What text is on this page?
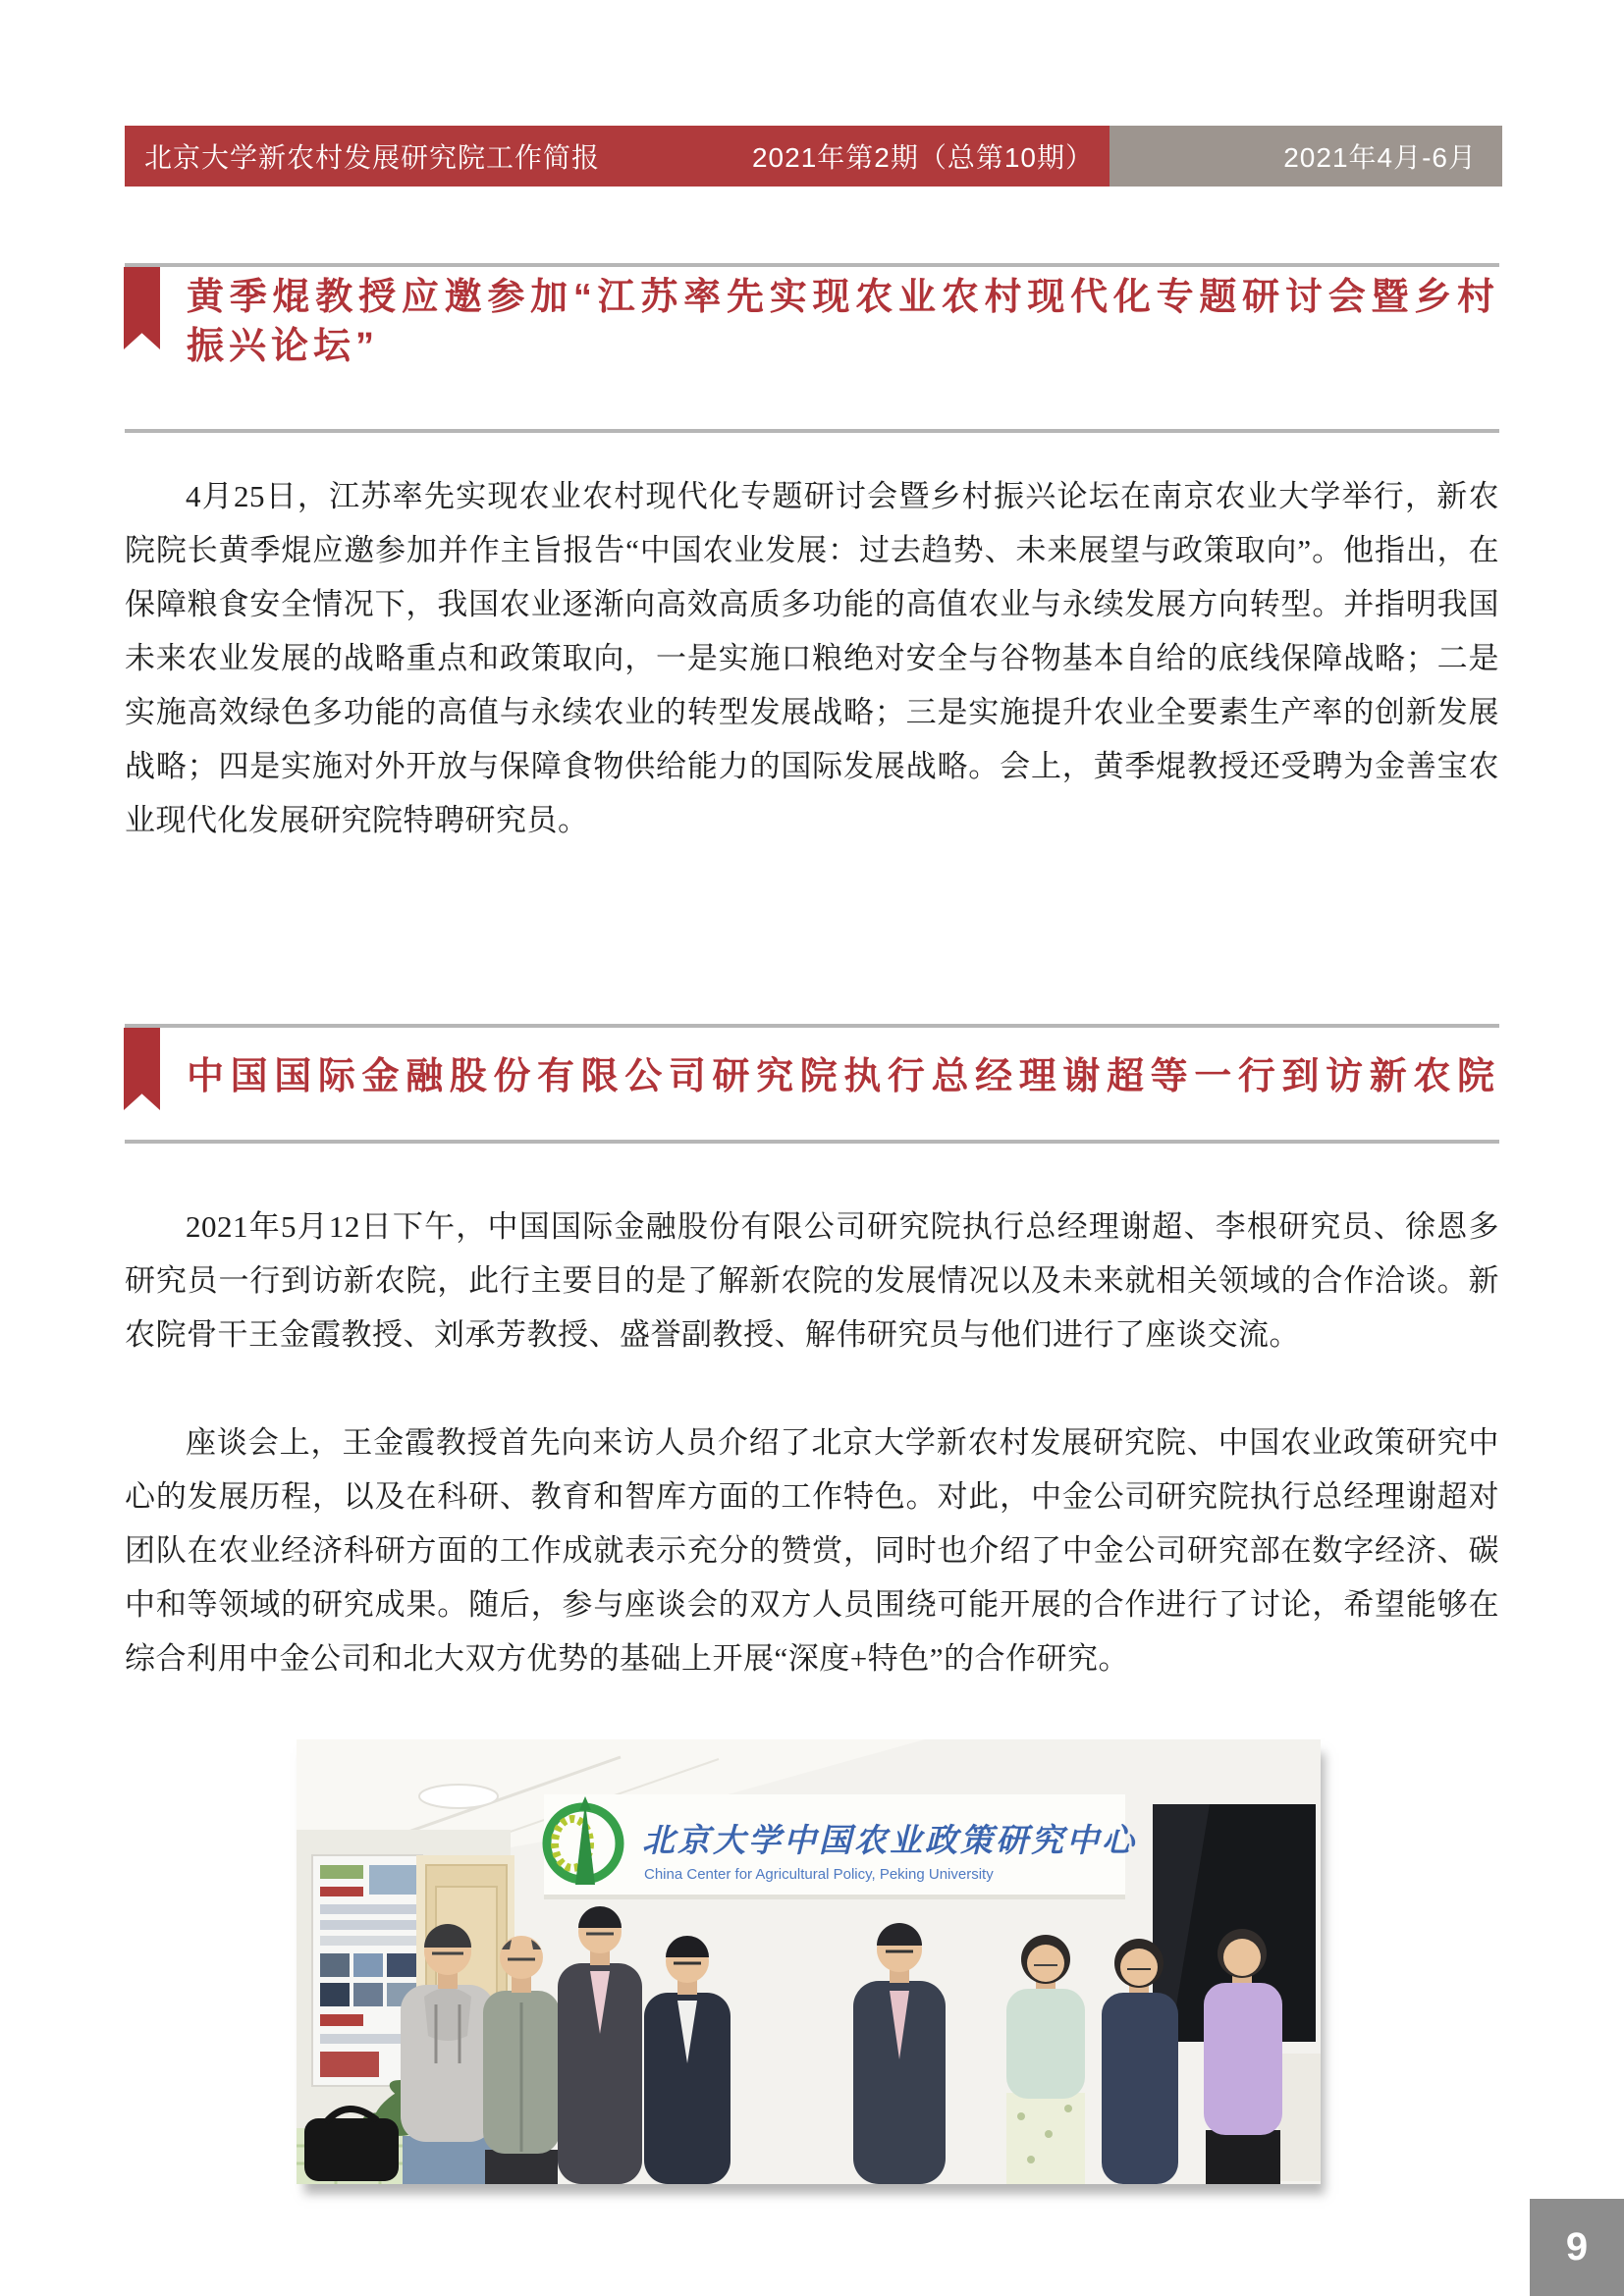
北京大学新农村发展研究院工作简报	2021年第2期（总第10期）	2021年4月-6月
黄季焜教授应邀参加“江苏率先实现农业农村现代化专题研讨会暨乡村振兴论坛”

4月25日，江苏率先实现农业农村现代化专题研讨会暨乡村振兴论坛在南京农业大学举行，新农院院长黄季焜应邀参加并作主旨报告“中国农业发展：过去趋势、未来展望与政策取向”。他指出，在保障粮食安全情况下，我国农业逐渐向高效高质多功能的高值农业与永续发展方向转型。并指明我国未来农业发展的战略重点和政策取向，一是实施口粮绝对安全与谷物基本自给的底线保障战略；二是实施高效绿色多功能的高值与永续农业的转型发展战略；三是实施提升农业全要素生产率的创新发展战略；四是实施对外开放与保障食物供给能力的国际发展战略。会上，黄季焜教授还受聘为金善宝农业现代化发展研究院特聘研究员。

中国国际金融股份有限公司研究院执行总经理谢超等一行到访新农院

2021年5月12日下午，中国国际金融股份有限公司研究院执行总经理谢超、李根研究员、徐恩多研究员一行到访新农院，此行主要目的是了解新农院的发展情况以及未来就相关领域的合作洽谈。新农院骨干王金霞教授、刘承芳教授、盛誉副教授、解伟研究员与他们进行了座谈交流。

座谈会上，王金霞教授首先向来访人员介绍了北京大学新农村发展研究院、中国农业政策研究中心的发展历程，以及在科研、教育和智库方面的工作特色。对此，中金公司研究院执行总经理谢超对团队在农业经济科研方面的工作成就表示充分的赞赏，同时也介绍了中金公司研究部在数字经济、碳中和等领域的研究成果。随后，参与座谈会的双方人员围绕可能开展的合作进行了讨论，希望能够在综合利用中金公司和北大双方优势的基础上开展“深度+特色”的合作研究。

北京大学中国农业政策研究中心
China Center for Agricultural Policy, Peking University
9
